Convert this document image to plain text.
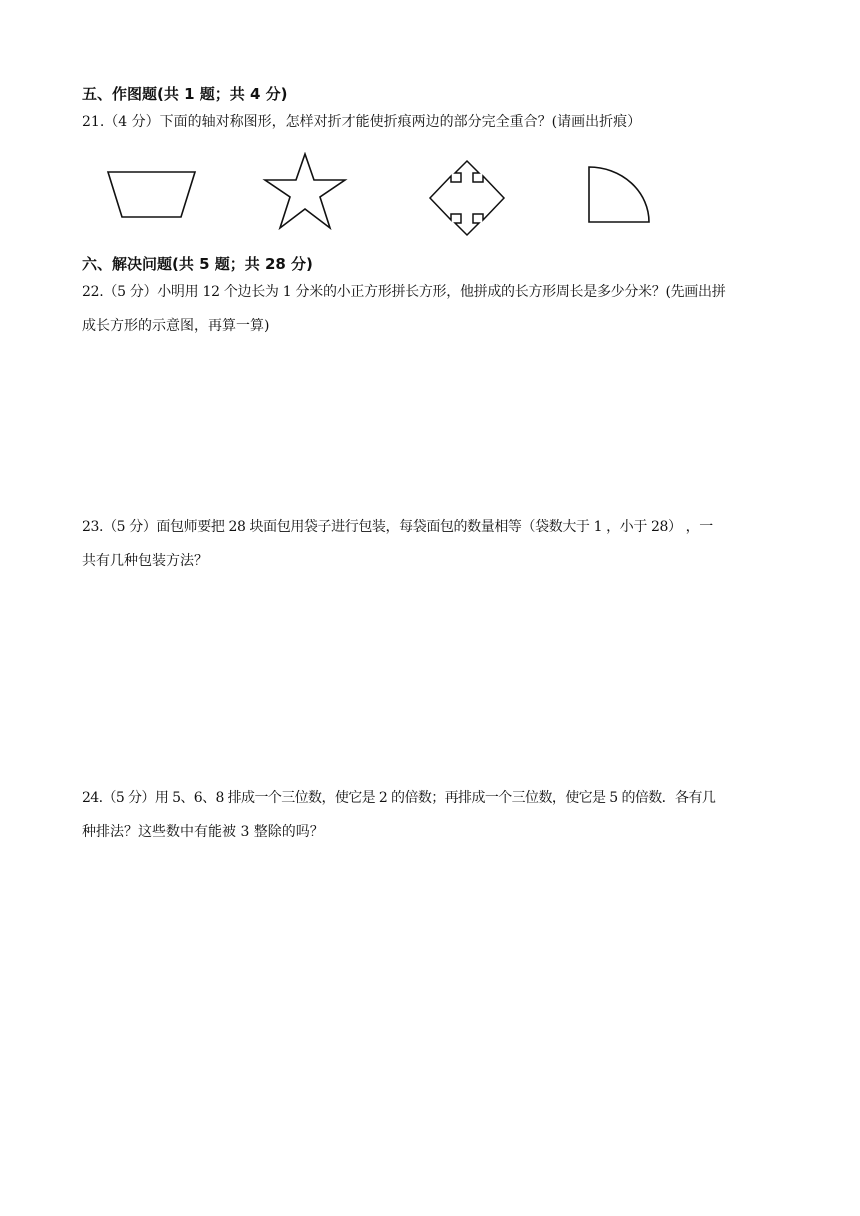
五、作图题(共 1 题；共 4 分)
21.（4 分）下面的轴对称图形，怎样对折才能使折痕两边的部分完全重合？(请画出折痕）
六、解决问题(共 5 题；共 28 分)
22.（5 分）小明用 12 个边长为 1 分米的小正方形拼长方形，他拼成的长方形周长是多少分米？(先画出拼
成长方形的示意图，再算一算)
23.（5 分）面包师要把 28 块面包用袋子进行包装，每袋面包的数量相等（袋数大于 1 ，小于 28） ，一
共有几种包装方法？
24.（5 分）用 5、6、8 排成一个三位数，使它是 2 的倍数；再排成一个三位数，使它是 5 的倍数．各有几
种排法？这些数中有能被 3 整除的吗？
